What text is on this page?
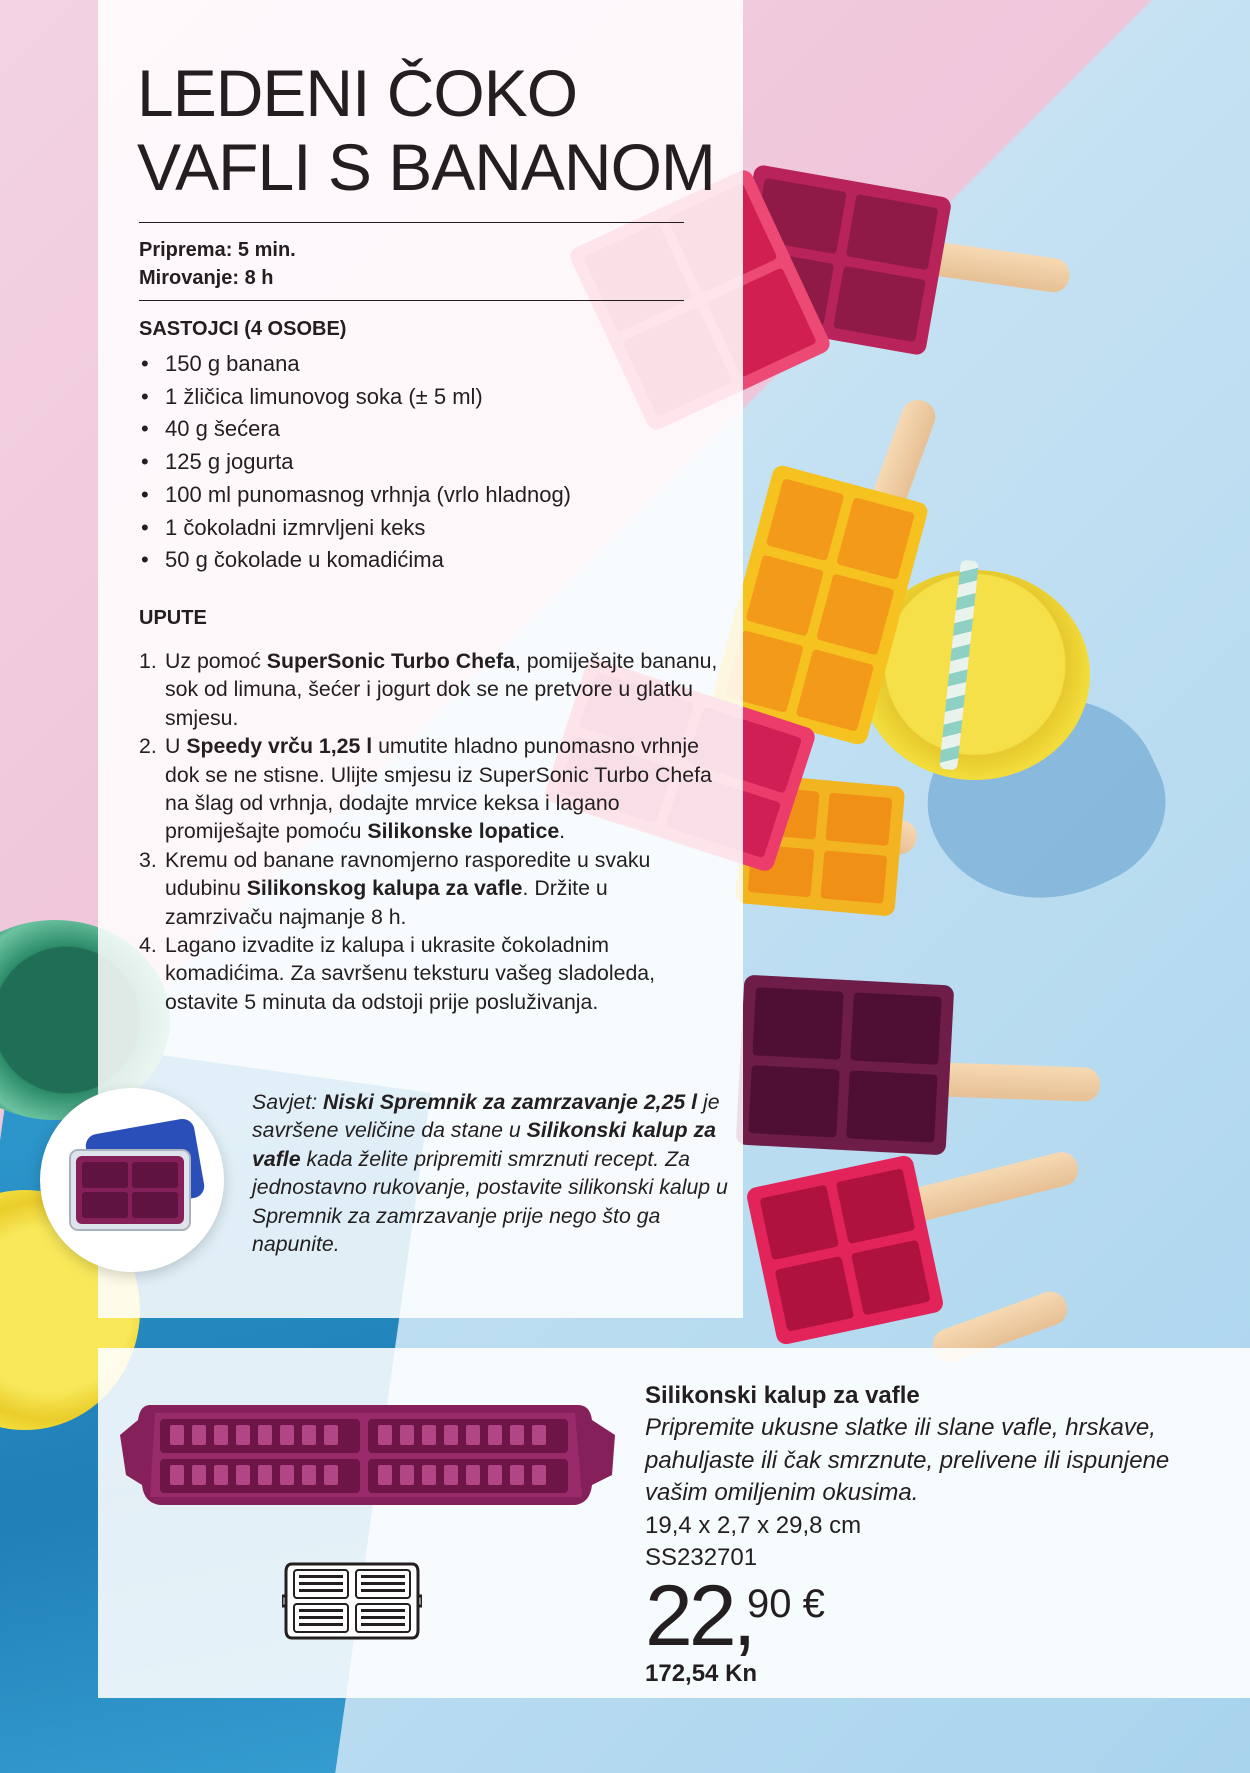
LEDENI ČOKO
VAFLI S BANANOM
Priprema: 5 min.
Mirovanje: 8 h
SASTOJCI (4 OSOBE)
• 150 g banana
• 1 žličica limunovog soka (± 5 ml)
• 40 g šećera
• 125 g jogurta
• 100 ml punomasnog vrhnja (vrlo hladnog)
• 1 čokoladni izmrvljeni keks
• 50 g čokolade u komadićima
UPUTE
1. Uz pomoć SuperSonic Turbo Chefa, pomiješajte bananu, sok od limuna, šećer i jogurt dok se ne pretvore u glatku smjesu.
2. U Speedy vrču 1,25 l umutite hladno punomasno vrhnje dok se ne stisne. Ulijte smjesu iz SuperSonic Turbo Chefa na šlag od vrhnja, dodajte mrvice keksa i lagano promiješajte pomoću Silikonske lopatice.
3. Kremu od banane ravnomjerno rasporedite u svaku udubinu Silikonskog kalupa za vafle. Držite u zamrzivaču najmanje 8 h.
4. Lagano izvadite iz kalupa i ukrasite čokoladnim komadićima. Za savršenu teksturu vašeg sladoleda, ostavite 5 minuta da odstoji prije posluživanja.

Savjet: Niski Spremnik za zamrzavanje 2,25 l je savršene veličine da stane u Silikonski kalup za vafle kada želite pripremiti smrznuti recept. Za jednostavno rukovanje, postavite silikonski kalup u Spremnik za zamrzavanje prije nego što ga napunite.

Silikonski kalup za vafle
Pripremite ukusne slatke ili slane vafle, hrskave, pahuljaste ili čak smrznute, prelivene ili ispunjene vašim omiljenim okusima.
19,4 x 2,7 x 29,8 cm
SS232701
22,
90 €
172,54 Kn
